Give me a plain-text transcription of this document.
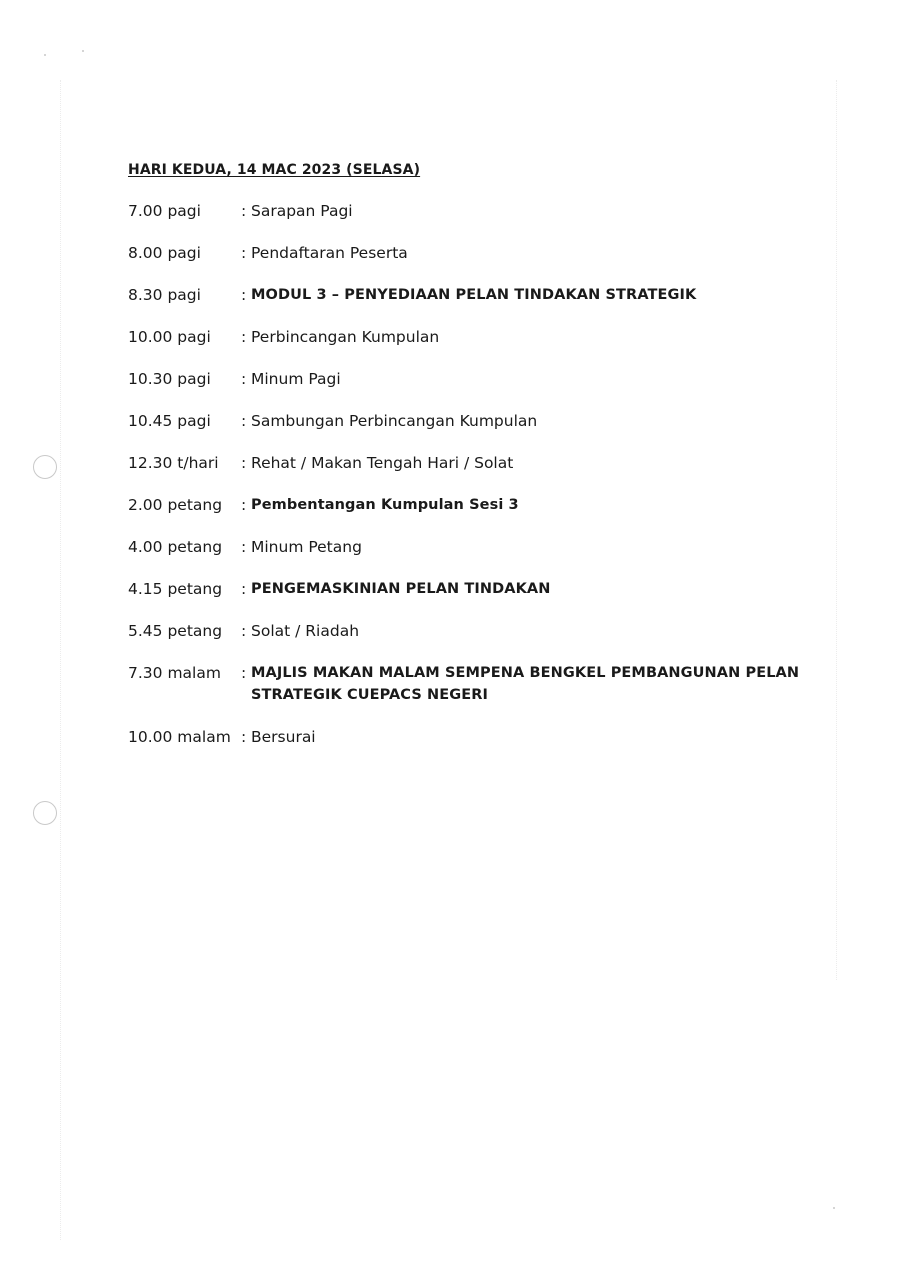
HARI KEDUA, 14 MAC 2023 (SELASA)
7.00 pagi	: Sarapan Pagi
8.00 pagi	: Pendaftaran Peserta
8.30 pagi	: MODUL 3 – PENYEDIAAN PELAN TINDAKAN STRATEGIK
10.00 pagi	: Perbincangan Kumpulan
10.30 pagi	: Minum Pagi
10.45 pagi	: Sambungan Perbincangan Kumpulan
12.30 t/hari	: Rehat / Makan Tengah Hari / Solat
2.00 petang	: Pembentangan Kumpulan Sesi 3
4.00 petang	: Minum Petang
4.15 petang	: PENGEMASKINIAN PELAN TINDAKAN
5.45 petang	: Solat / Riadah
7.30 malam	: MAJLIS MAKAN MALAM SEMPENA BENGKEL PEMBANGUNAN PELAN STRATEGIK CUEPACS NEGERI
10.00 malam : Bersurai
